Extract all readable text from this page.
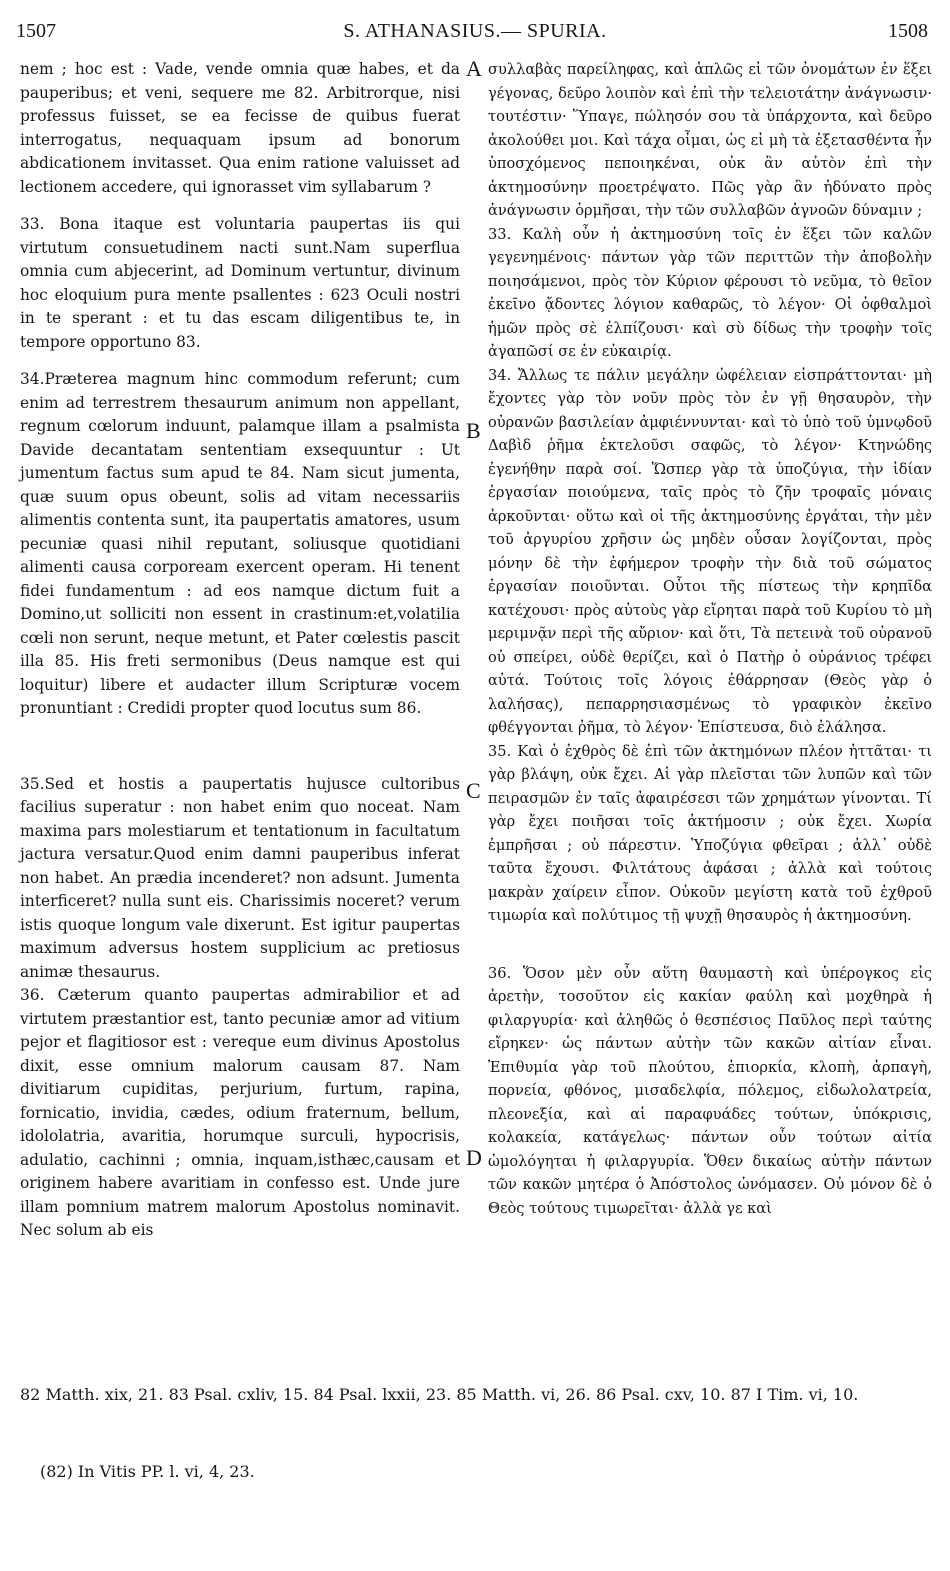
1507	S. ATHANASIUS.— SPURIA.	1508

nem ; hoc est : Vade, vende omnia quæ habes, et da pauperibus; et veni, sequere me 82. Arbitrorque, nisi professus fuisset, se ea fecisse de quibus fuerat interrogatus, nequaquam ipsum ad bonorum abdicationem invitasset. Qua enim ratione valuisset ad lectionem accedere, qui ignorasset vim syllabarum ?

33. Bona itaque est voluntaria paupertas iis qui virtutum consuetudinem nacti sunt.Nam superflua omnia cum abjecerint, ad Dominum vertuntur, divinum hoc eloquium pura mente psallentes : 623 Oculi nostri in te sperant : et tu das escam diligentibus te, in tempore opportuno 83.

34.Præterea magnum hinc commodum referunt; cum enim ad terrestrem thesaurum animum non appellant, regnum cœlorum induunt, palamque illam a psalmista Davide decantatam sententiam exsequuntur : Ut jumentum factus sum apud te 84. Nam sicut jumenta, quæ suum opus obeunt, solis ad vitam necessariis alimentis contenta sunt, ita paupertatis amatores, usum pecuniæ quasi nihil reputant, soliusque quotidiani alimenti causa corpoream exercent operam. Hi tenent fidei fundamentum : ad eos namque dictum fuit a Domino,ut solliciti non essent in crastinum:et,volatilia cœli non serunt, neque metunt, et Pater cœlestis pascit illa 85. His freti sermonibus (Deus namque est qui loquitur) libere et audacter illum Scripturæ vocem pronuntiant : Credidi propter quod locutus sum 86.

35.Sed et hostis a paupertatis hujusce cultoribus facilius superatur : non habet enim quo noceat. Nam maxima pars molestiarum et tentationum in facultatum jactura versatur.Quod enim damni pauperibus inferat non habet. An prædia incenderet? non adsunt. Jumenta interficeret? nulla sunt eis. Charissimis noceret? verum istis quoque longum vale dixerunt. Est igitur paupertas maximum adversus hostem supplicium ac pretiosus animæ thesaurus.

36. Cæterum quanto paupertas admirabilior et ad virtutem præstantior est, tanto pecuniæ amor ad vitium pejor et flagitiosor est : vereque eum divinus Apostolus dixit, esse omnium malorum causam 87. Nam divitiarum cupiditas, perjurium, furtum, rapina, fornicatio, invidia, cædes, odium fraternum, bellum, idololatria, avaritia, horumque surculi, hypocrisis, adulatio, cachinni ; omnia, inquam,isthæc,causam et originem habere avaritiam in confesso est. Unde jure illam pomnium matrem malorum Apostolus nominavit. Nec solum ab eis

A
B
C
D

συλλαβὰς παρείληφας, καὶ ἁπλῶς εἰ τῶν ὀνομάτων ἐν ἕξει γέγονας, δεῦρο λοιπὸν καὶ ἐπὶ τὴν τελειοτάτην ἀνάγνωσιν· τουτέστιν· Ὕπαγε, πώλησόν σου τὰ ὑπάρχοντα, καὶ δεῦρο ἀκολούθει μοι. Καὶ τάχα οἶμαι, ὡς εἰ μὴ τὰ ἐξετασθέντα ἦν ὑποσχόμενος πεποιηκέναι, οὐκ ἂν αὐτὸν ἐπὶ τὴν ἀκτημοσύνην προετρέψατο. Πῶς γὰρ ἂν ἠδύνατο πρὸς ἀνάγνωσιν ὁρμῆσαι, τὴν τῶν συλλαβῶν ἀγνοῶν δύναμιν ;

33. Καλὴ οὖν ἡ ἀκτημοσύνη τοῖς ἐν ἕξει τῶν καλῶν γεγενημένοις· πάντων γὰρ τῶν περιττῶν τὴν ἀποβολὴν ποιησάμενοι, πρὸς τὸν Κύριον φέρουσι τὸ νεῦμα, τὸ θεῖον ἐκεῖνο ᾄδοντες λόγιον καθαρῶς, τὸ λέγον· Οἱ ὀφθαλμοὶ ἡμῶν πρὸς σὲ ἐλπίζουσι· καὶ σὺ δίδως τὴν τροφὴν τοῖς ἀγαπῶσί σε ἐν εὐκαιρίᾳ.

34. Ἄλλως τε πάλιν μεγάλην ὠφέλειαν εἰσπράττονται· μὴ ἔχοντες γὰρ τὸν νοῦν πρὸς τὸν ἐν γῇ θησαυρὸν, τὴν οὐρανῶν βασιλείαν ἀμφιέννυνται· καὶ τὸ ὑπὸ τοῦ ὑμνῳδοῦ Δαβὶδ ῥῆμα ἐκτελοῦσι σαφῶς, τὸ λέγον· Κτηνώδης ἐγενήθην παρὰ σοί. Ὥσπερ γὰρ τὰ ὑποζύγια, τὴν ἰδίαν ἐργασίαν ποιούμενα, ταῖς πρὸς τὸ ζῆν τροφαῖς μόναις ἀρκοῦνται· οὕτω καὶ οἱ τῆς ἀκτημοσύνης ἐργάται, τὴν μὲν τοῦ ἀργυρίου χρῆσιν ὡς μηδὲν οὖσαν λογίζονται, πρὸς μόνην δὲ τὴν ἐφήμερον τροφὴν τὴν διὰ τοῦ σώματος ἐργασίαν ποιοῦνται. Οὗτοι τῆς πίστεως τὴν κρηπῖδα κατέχουσι· πρὸς αὐτοὺς γὰρ εἴρηται παρὰ τοῦ Κυρίου τὸ μὴ μεριμνᾷν περὶ τῆς αὔριον· καὶ ὅτι, Τὰ πετεινὰ τοῦ οὐρανοῦ οὐ σπείρει, οὐδὲ θερίζει, καὶ ὁ Πατὴρ ὁ οὐράνιος τρέφει αὐτά. Τούτοις τοῖς λόγοις ἐθάρρησαν (Θεὸς γὰρ ὁ λαλήσας), πεπαρρησιασμένως τὸ γραφικὸν ἐκεῖνο φθέγγονται ῥῆμα, τὸ λέγον· Ἐπίστευσα, διὸ ἐλάλησα.

35. Καὶ ὁ ἐχθρὸς δὲ ἐπὶ τῶν ἀκτημόνων πλέον ἡττᾶται· τι γὰρ βλάψη, οὐκ ἔχει. Αἱ γὰρ πλεῖσται τῶν λυπῶν καὶ τῶν πειρασμῶν ἐν ταῖς ἀφαιρέσεσι τῶν χρημάτων γίνονται. Τί γὰρ ἔχει ποιῆσαι τοῖς ἀκτήμοσιν ; οὐκ ἔχει. Χωρία ἐμπρῆσαι ; οὐ πάρεστιν. Ὑποζύγια φθεῖραι ; ἀλλ᾽ οὐδὲ ταῦτα ἔχουσι. Φιλτάτους ἀφάσαι ; ἀλλὰ καὶ τούτοις μακρὰν χαίρειν εἶπον. Οὐκοῦν μεγίστη κατὰ τοῦ ἐχθροῦ τιμωρία καὶ πολύτιμος τῇ ψυχῇ θησαυρὸς ἡ ἀκτημοσύνη.

36. Ὅσον μὲν οὖν αὕτη θαυμαστὴ καὶ ὑπέρογκος εἰς ἀρετὴν, τοσοῦτον εἰς κακίαν φαύλη καὶ μοχθηρὰ ἡ φιλαργυρία· καὶ ἀληθῶς ὁ θεσπέσιος Παῦλος περὶ ταύτης εἴρηκεν· ὡς πάντων αὐτὴν τῶν κακῶν αἰτίαν εἶναι. Ἐπιθυμία γὰρ τοῦ πλούτου, ἐπιορκία, κλοπὴ, ἁρπαγὴ, πορνεία, φθόνος, μισαδελφία, πόλεμος, εἰδωλολατρεία, πλεονεξία, καὶ αἱ παραφυάδες τούτων, ὑπόκρισις, κολακεία, κατάγελως· πάντων οὖν τούτων αἰτία ὡμολόγηται ἡ φιλαργυρία. Ὅθεν δικαίως αὐτὴν πάντων τῶν κακῶν μητέρα ὁ Ἀπόστολος ὠνόμασεν. Οὐ μόνον δὲ ὁ Θεὸς τούτους τιμωρεῖται· ἀλλὰ γε καὶ

82 Matth. xix, 21. 83 Psal. cxliv, 15. 84 Psal. lxxii, 23. 85 Matth. vi, 26. 86 Psal. cxv, 10. 87 I Tim. vi, 10.
(82) In Vitis PP. l. vi, 4, 23.
